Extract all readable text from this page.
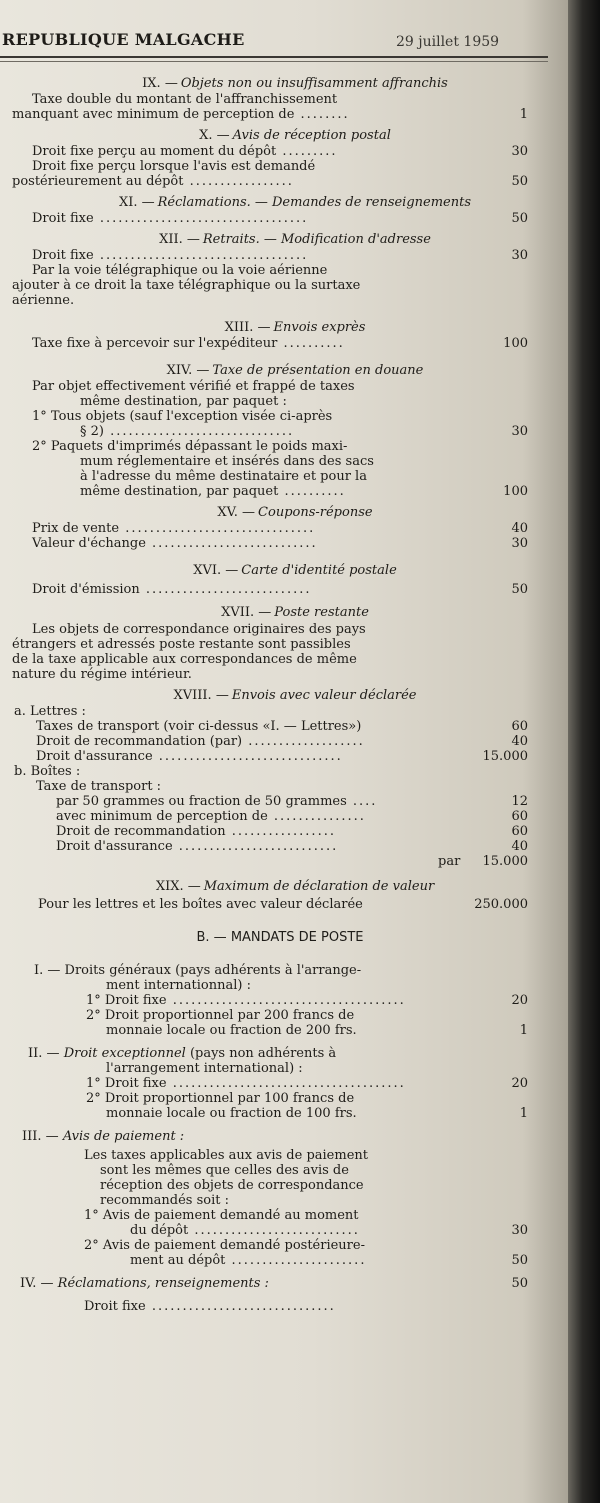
REPUBLIQUE MALGACHE	29 juillet 1959
IX. — Objets non ou insuffisamment affranchis
Taxe double du montant de l'affranchissement
manquant avec minimum de perception de ........	1
X. — Avis de réception postal
Droit fixe perçu au moment du dépôt .........	30
Droit fixe perçu lorsque l'avis est demandé
postérieurement au dépôt .................	50
XI. — Réclamations. — Demandes de renseignements
Droit fixe ..................................	50
XII. — Retraits. — Modification d'adresse
Droit fixe ..................................	30
Par la voie télégraphique ou la voie aérienne
ajouter à ce droit la taxe télégraphique ou la surtaxe
aérienne.
XIII. — Envois exprès
Taxe fixe à percevoir sur l'expéditeur ..........	100
XIV. — Taxe de présentation en douane
Par objet effectivement vérifié et frappé de taxes
même destination, par paquet :
1° Tous objets (sauf l'exception visée ci-après
§ 2) ..............................	30
2° Paquets d'imprimés dépassant le poids maxi-
mum réglementaire et insérés dans des sacs
à l'adresse du même destinataire et pour la
même destination, par paquet ..........	100
XV. — Coupons-réponse
Prix de vente ...............................	40
Valeur d'échange ...........................	30
XVI. — Carte d'identité postale
Droit d'émission ...........................	50
XVII. — Poste restante
Les objets de correspondance originaires des pays
étrangers et adressés poste restante sont passibles
de la taxe applicable aux correspondances de même
nature du régime intérieur.
XVIII. — Envois avec valeur déclarée
a. Lettres :
Taxes de transport (voir ci-dessus «I. — Lettres»)	60
Droit de recommandation (par) ...................	40
Droit d'assurance ..............................	15.000
b. Boîtes :
Taxe de transport :
par 50 grammes ou fraction de 50 grammes ....	12
avec minimum de perception de ...............	60
Droit de recommandation .................	60
Droit d'assurance ..........................	40
par	15.000
XIX. — Maximum de déclaration de valeur
Pour les lettres et les boîtes avec valeur déclarée	250.000
B. — MANDATS DE POSTE
I. — Droits généraux (pays adhérents à l'arrange-
ment internationnal) :
1° Droit fixe ......................................	20
2° Droit proportionnel par 200 francs de
monnaie locale ou fraction de 200 frs.	1
II. — Droit exceptionnel (pays non adhérents à
l'arrangement international) :
1° Droit fixe ......................................	20
2° Droit proportionnel par 100 francs de
monnaie locale ou fraction de 100 frs.	1
III. — Avis de paiement :
Les taxes applicables aux avis de paiement
sont les mêmes que celles des avis de
réception des objets de correspondance
recommandés soit :
1° Avis de paiement demandé au moment
du dépôt ...........................	30
2° Avis de paiement demandé postérieure-
ment au dépôt ......................	50
IV. — Réclamations, renseignements :	50
Droit fixe ..............................
